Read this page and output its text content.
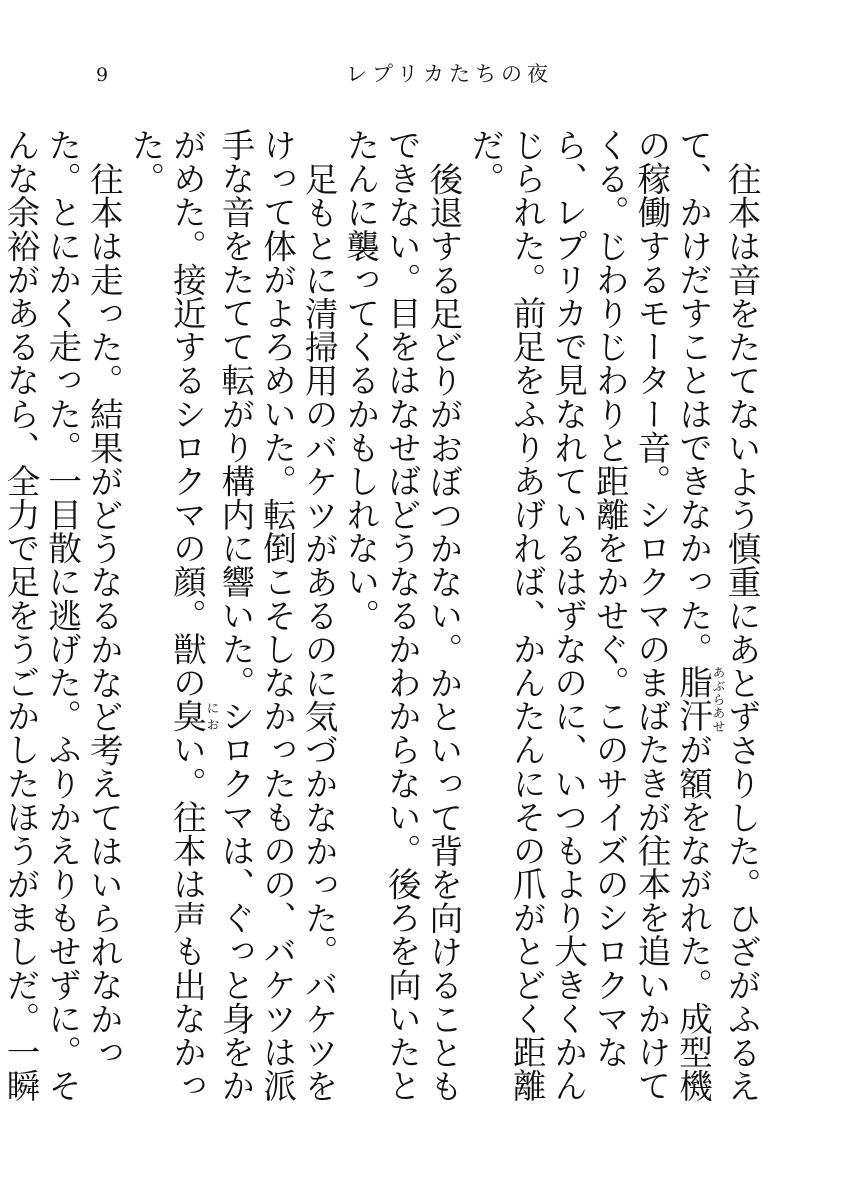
9	レプリカたちの夜

往本は音をたてないよう慎重にあとずさりした。ひざがふるえて、かけだすことはできなかった。脂汗あぶらあせが額をながれた。成型機の稼働するモーター音。シロクマのまばたきが往本を追いかけてくる。じわりじわりと距離をかせぐ。このサイズのシロクマなら、レプリカで見なれているはずなのに、いつもより大きくかんじられた。前足をふりあげれば、かんたんにその爪がとどく距離だ。

後退する足どりがおぼつかない。かといって背を向けることもできない。目をはなせばどうなるかわからない。後ろを向いたとたんに襲ってくるかもしれない。

足もとに清掃用のバケツがあるのに気づかなかった。バケツをけって体がよろめいた。転倒こそしなかったものの、バケツは派手な音をたてて転がり構内に響いた。シロクマは、ぐっと身をかがめた。接近するシロクマの顔。獣の臭におい。往本は声も出なかった。

往本は走った。結果がどうなるかなど考えてはいられなかった。とにかく走った。一目散に逃げた。ふりかえりもせずに。そんな余裕があるなら、全力で足をうごかしたほうがましだ。一瞬
